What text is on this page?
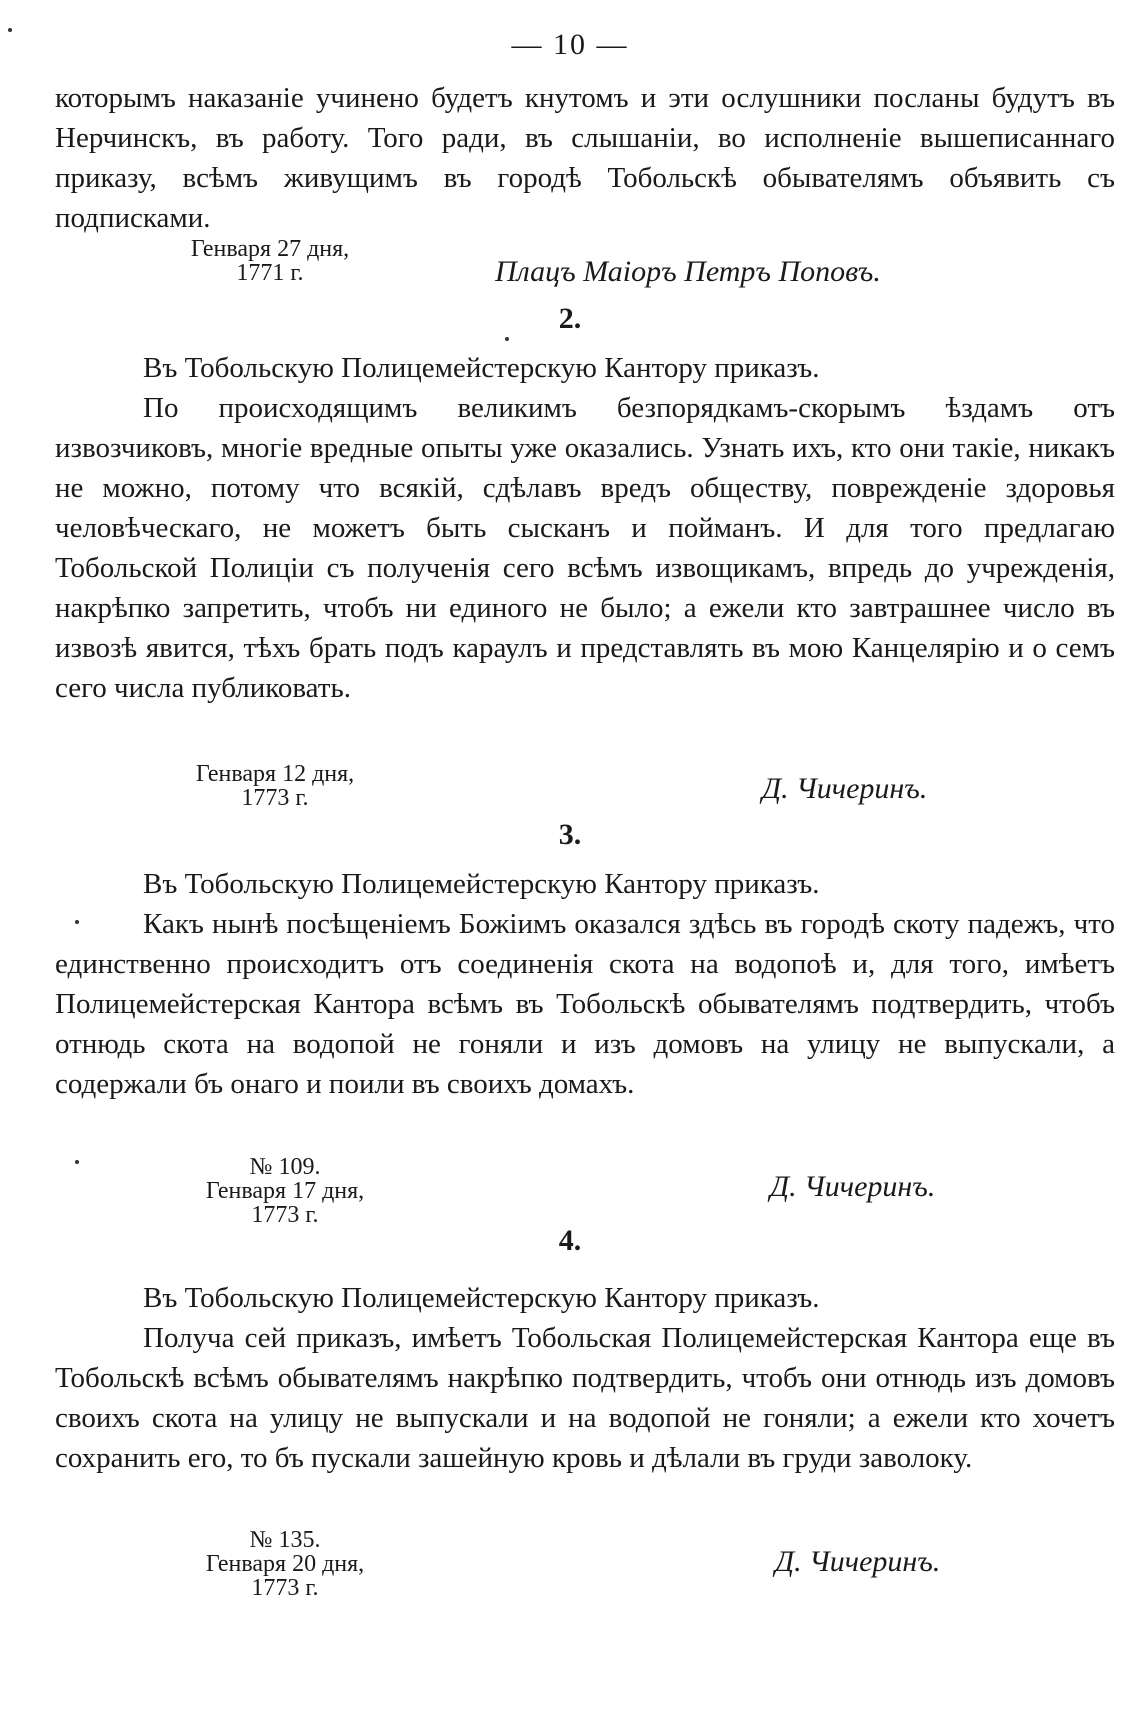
— 10 —
которымъ наказаніе учинено будетъ кнутомъ и эти ослушники посланы будутъ въ Нерчинскъ, въ работу. Того ради, въ слышаніи, во исполненіе вышеписаннаго приказу, всѣмъ живущимъ въ городѣ Тобольскѣ обывателямъ объявить съ подписками.
Генваря 27 дня,
1771 г.	Плацъ Маіоръ Петръ Поповъ.
2.
Въ Тобольскую Полицемейстерскую Кантору приказъ.
По происходящимъ великимъ безпорядкамъ-скорымъ ѣздамъ отъ извозчиковъ, многіе вредные опыты уже оказались. Узнать ихъ, кто они такіе, никакъ не можно, потому что всякій, сдѣлавъ вредъ обществу, поврежденіе здоровья человѣческаго, не можетъ быть сысканъ и пойманъ. И для того предлагаю Тобольской Полиціи съ полученія сего всѣмъ извощикамъ, впредь до учрежденія, накрѣпко запретить, чтобъ ни единого не было; а ежели кто завтрашнее число въ извозѣ явится, тѣхъ брать подъ караулъ и представлять въ мою Канцелярію и о семъ сего числа публиковать.
Генваря 12 дня,
1773 г.	Д. Чичеринъ.
3.
Въ Тобольскую Полицемейстерскую Кантору приказъ.
Какъ нынѣ посѣщеніемъ Божіимъ оказался здѣсь въ городѣ скоту падежъ, что единственно происходитъ отъ соединенія скота на водопоѣ и, для того, имѣетъ Полицемейстерская Кантора всѣмъ въ Тобольскѣ обывателямъ подтвердить, чтобъ отнюдь скота на водопой не гоняли и изъ домовъ на улицу не выпускали, а содержали бъ онаго и поили въ своихъ домахъ.
№ 109.
Генваря 17 дня,
1773 г.
Д. Чичеринъ.
4.
Въ Тобольскую Полицемейстерскую Кантору приказъ.
Получа сей приказъ, имѣетъ Тобольская Полицемейстерская Кантора еще въ Тобольскѣ всѣмъ обывателямъ накрѣпко подтвердить, чтобъ они отнюдь изъ домовъ своихъ скота на улицу не выпускали и на водопой не гоняли; а ежели кто хочетъ сохранить его, то бъ пускали зашейную кровь и дѣлали въ груди заволоку.
№ 135.
Генваря 20 дня,
1773 г.
Д. Чичеринъ.
